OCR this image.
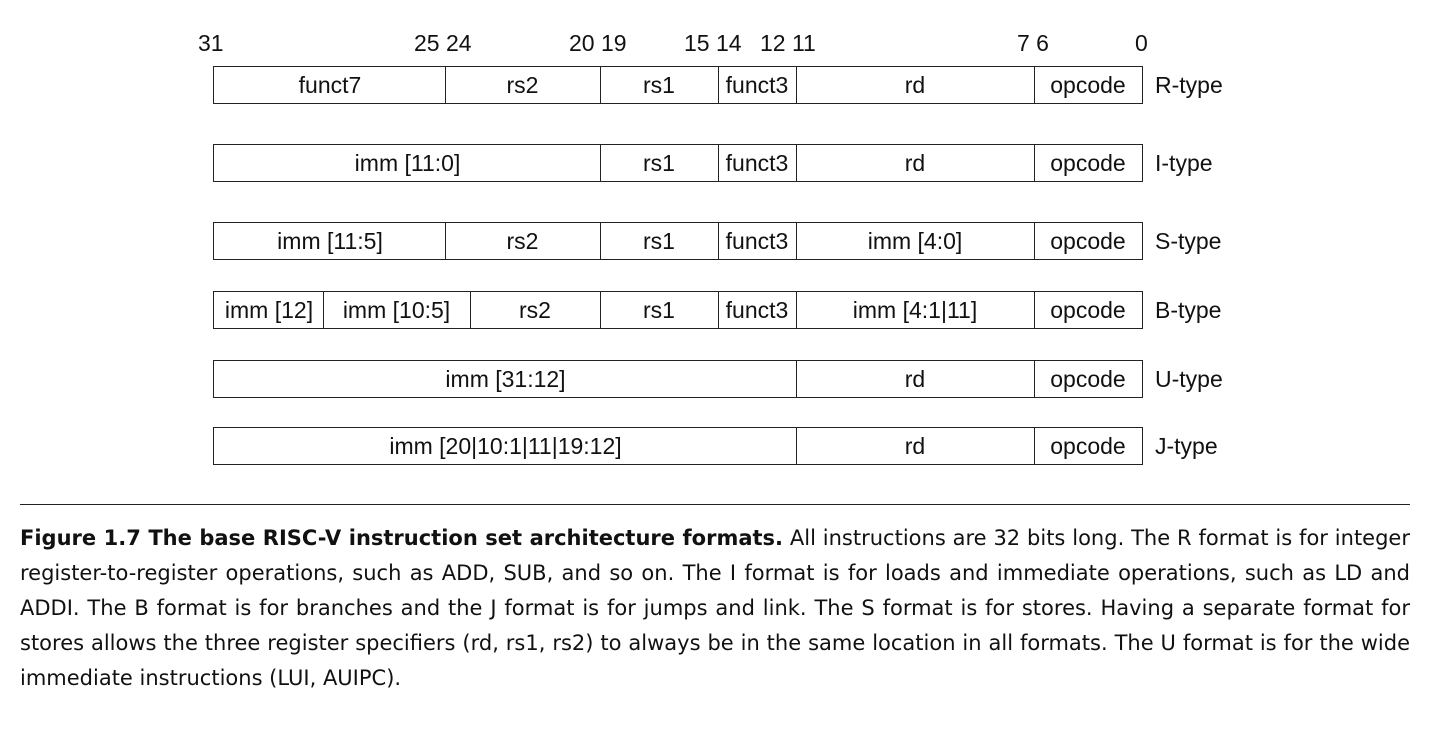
31	25 24	20 19 15 14 12 11	7 6	0
funct7	rs2	rs1	funct3	rd	opcode	R-type
imm [11:0]	rs1	funct3	rd	opcode	I-type
imm [11:5]	rs2	rs1	funct3	imm [4:0]	opcode	S-type
imm [12]	imm [10:5]	rs2	rs1	funct3	imm [4:1|11]	opcode	B-type
imm [31:12]	rd	opcode	U-type
imm [20|10:1|11|19:12]	rd	opcode	J-type
Figure 1.7 The base RISC-V instruction set architecture formats. All instructions are 32 bits long. The R format is for integer register-to-register operations, such as ADD, SUB, and so on. The I format is for loads and immediate operations, such as LD and ADDI. The B format is for branches and the J format is for jumps and link. The S format is for stores. Having a separate format for stores allows the three register specifiers (rd, rs1, rs2) to always be in the same location in all formats. The U format is for the wide immediate instructions (LUI, AUIPC).
